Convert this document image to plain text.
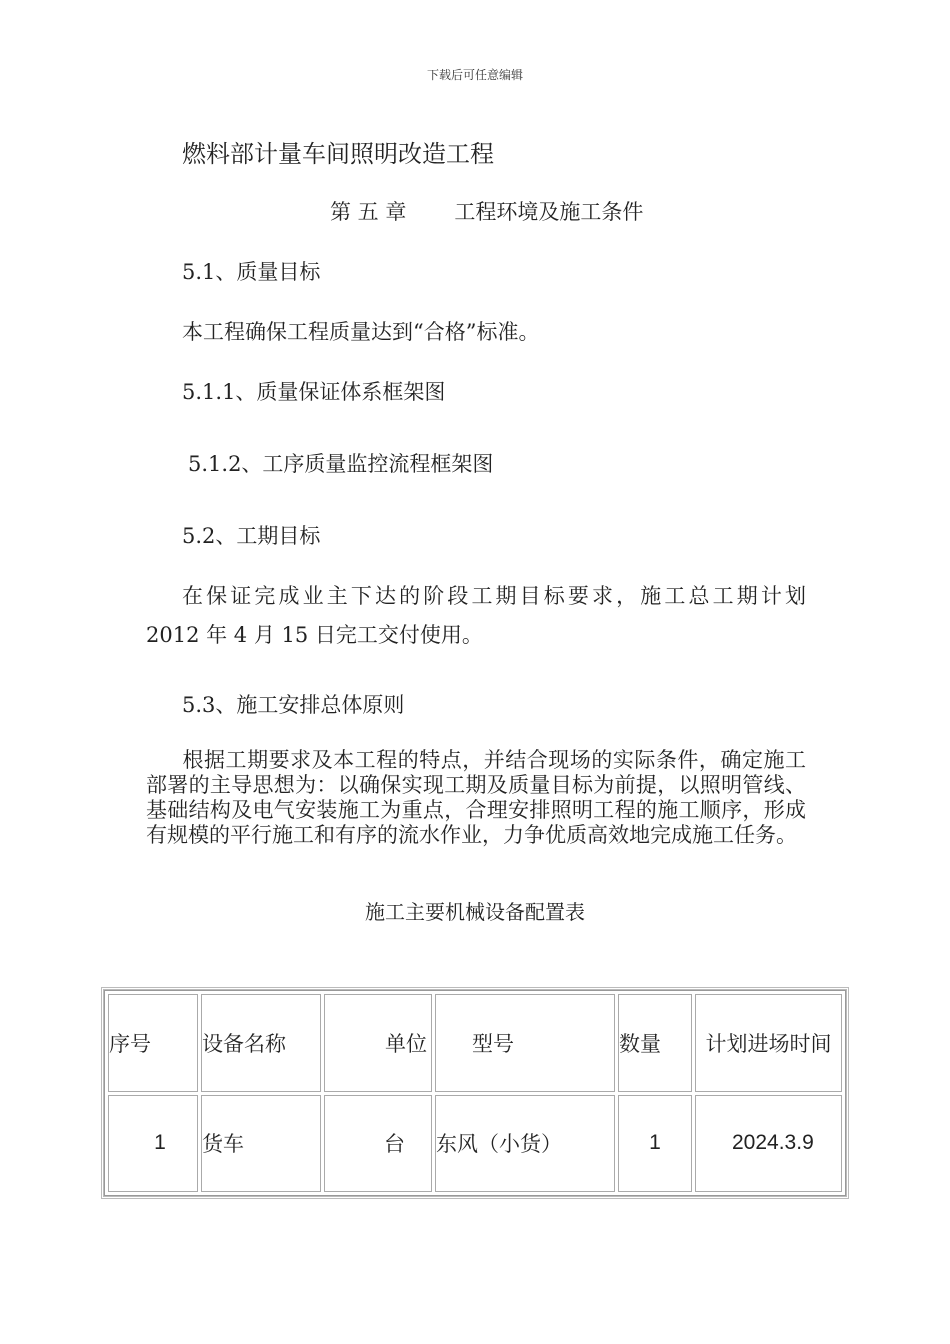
下载后可任意编辑
燃料部计量车间照明改造工程
第 五 章 工程环境及施工条件
5.1、质量目标
本工程确保工程质量达到“合格”标准。
5.1.1、质量保证体系框架图
5.1.2、工序质量监控流程框架图
5.2、工期目标
在保证完成业主下达的阶段工期目标要求，施工总工期计划
2012 年 4 月 15 日完工交付使用。
5.3、施工安排总体原则
根据工期要求及本工程的特点，并结合现场的实际条件，确定施工部署的主导思想为：以确保实现工期及质量目标为前提，以照明管线、基础结构及电气安装施工为重点，合理安排照明工程的施工顺序，形成有规模的平行施工和有序的流水作业，力争优质高效地完成施工任务。
施工主要机械设备配置表
序号	设备名称	单位	型号	数量	计划进场时间
1	货车	台	东风（小货）	1	2024.3.9
